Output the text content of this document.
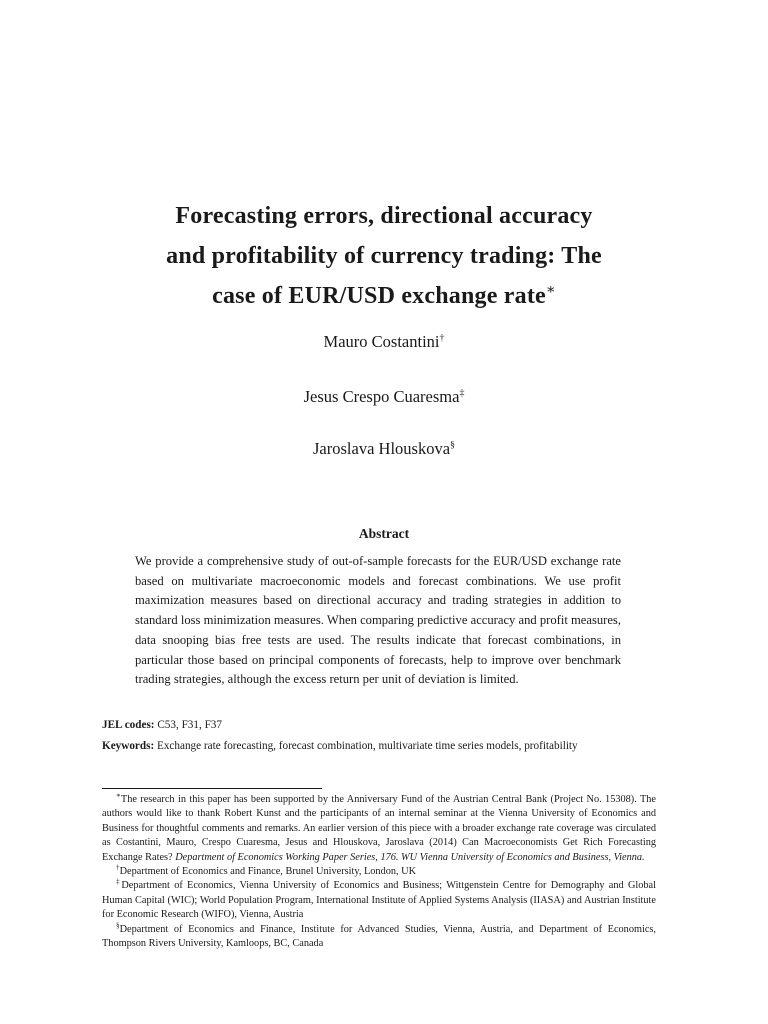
Forecasting errors, directional accuracy
and profitability of currency trading: The
case of EUR/USD exchange rate∗
Mauro Costantini†
Jesus Crespo Cuaresma‡
Jaroslava Hlouskova§
Abstract
We provide a comprehensive study of out-of-sample forecasts for the EUR/USD exchange rate based on multivariate macroeconomic models and forecast combinations. We use profit maximization measures based on directional accuracy and trading strategies in addition to standard loss minimization measures. When comparing predictive accuracy and profit measures, data snooping bias free tests are used. The results indicate that forecast combinations, in particular those based on principal components of forecasts, help to improve over benchmark trading strategies, although the excess return per unit of deviation is limited.
JEL codes: C53, F31, F37
Keywords: Exchange rate forecasting, forecast combination, multivariate time series models, profitability

∗The research in this paper has been supported by the Anniversary Fund of the Austrian Central Bank (Project No. 15308). The authors would like to thank Robert Kunst and the participants of an internal seminar at the Vienna University of Economics and Business for thoughtful comments and remarks. An earlier version of this piece with a broader exchange rate coverage was circulated as Costantini, Mauro, Crespo Cuaresma, Jesus and Hlouskova, Jaroslava (2014) Can Macroeconomists Get Rich Forecasting Exchange Rates? Department of Economics Working Paper Series, 176. WU Vienna University of Economics and Business, Vienna.

†Department of Economics and Finance, Brunel University, London, UK

‡Department of Economics, Vienna University of Economics and Business; Wittgenstein Centre for Demography and Global Human Capital (WIC); World Population Program, International Institute of Applied Systems Analysis (IIASA) and Austrian Institute for Economic Research (WIFO), Vienna, Austria

§Department of Economics and Finance, Institute for Advanced Studies, Vienna, Austria, and Department of Economics, Thompson Rivers University, Kamloops, BC, Canada
